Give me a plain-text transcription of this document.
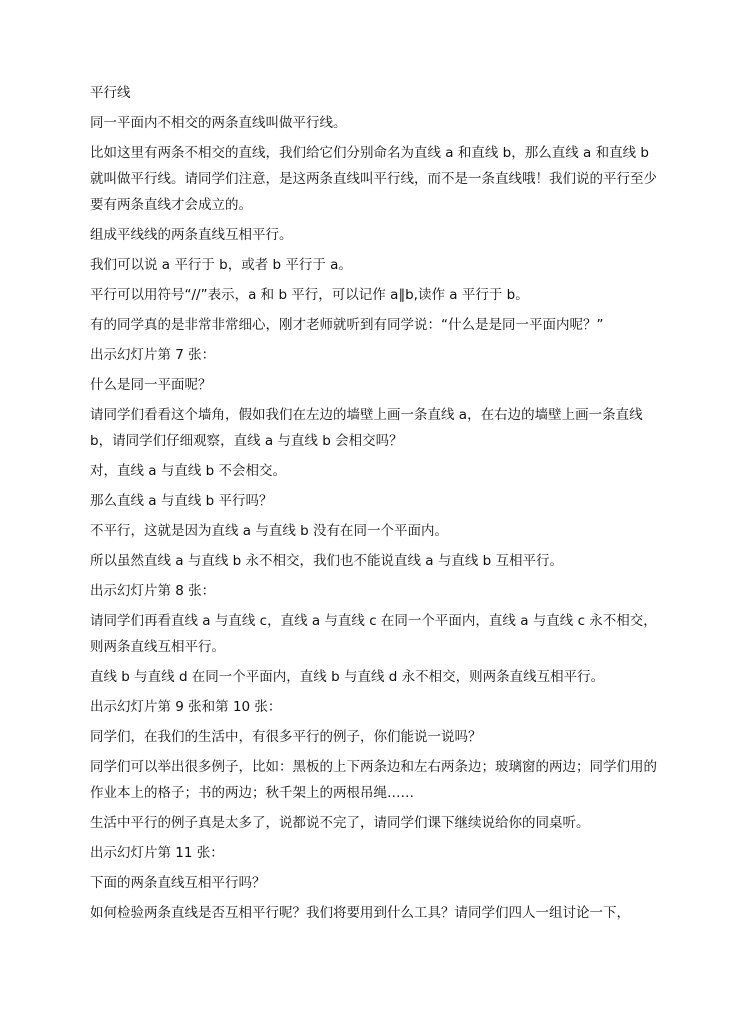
平行线

同一平面内不相交的两条直线叫做平行线。

比如这里有两条不相交的直线，我们给它们分别命名为直线 a 和直线 b，那么直线 a 和直线 b 就叫做平行线。请同学们注意，是这两条直线叫平行线，而不是一条直线哦！我们说的平行至少要有两条直线才会成立的。

组成平线线的两条直线互相平行。

我们可以说 a 平行于 b，或者 b 平行于 a。

平行可以用符号“//”表示，a 和 b 平行，可以记作 a∥b,读作 a 平行于 b。

有的同学真的是非常非常细心，刚才老师就听到有同学说：“什么是是同一平面内呢？”

出示幻灯片第 7 张：

什么是同一平面呢？

请同学们看看这个墙角，假如我们在左边的墙壁上画一条直线 a，在右边的墙壁上画一条直线 b，请同学们仔细观察，直线 a 与直线 b 会相交吗？

对，直线 a 与直线 b 不会相交。

那么直线 a 与直线 b 平行吗？

不平行，这就是因为直线 a 与直线 b 没有在同一个平面内。

所以虽然直线 a 与直线 b 永不相交，我们也不能说直线 a 与直线 b 互相平行。

出示幻灯片第 8 张：

请同学们再看直线 a 与直线 c，直线 a 与直线 c 在同一个平面内，直线 a 与直线 c 永不相交，则两条直线互相平行。

直线 b 与直线 d 在同一个平面内，直线 b 与直线 d 永不相交，则两条直线互相平行。

出示幻灯片第 9 张和第 10 张：

同学们，在我们的生活中，有很多平行的例子，你们能说一说吗？

同学们可以举出很多例子，比如：黑板的上下两条边和左右两条边；玻璃窗的两边；同学们用的作业本上的格子；书的两边；秋千架上的两根吊绳……

生活中平行的例子真是太多了，说都说不完了，请同学们课下继续说给你的同桌听。

出示幻灯片第 11 张：

下面的两条直线互相平行吗？

如何检验两条直线是否互相平行呢？我们将要用到什么工具？请同学们四人一组讨论一下，
